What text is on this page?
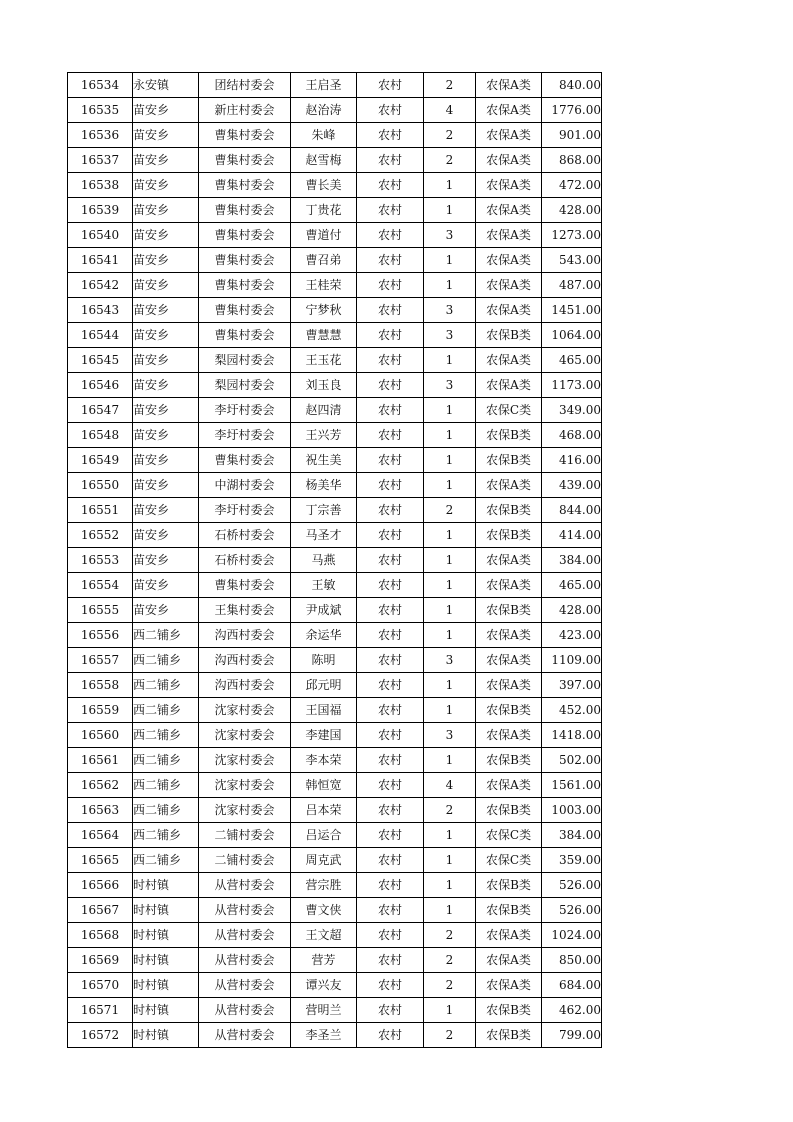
16534	永安镇	团结村委会	王启圣	农村	2	农保A类	840.00
16535	苗安乡	新庄村委会	赵治涛	农村	4	农保A类	1776.00
16536	苗安乡	曹集村委会	朱峰	农村	2	农保A类	901.00
16537	苗安乡	曹集村委会	赵雪梅	农村	2	农保A类	868.00
16538	苗安乡	曹集村委会	曹长美	农村	1	农保A类	472.00
16539	苗安乡	曹集村委会	丁贵花	农村	1	农保A类	428.00
16540	苗安乡	曹集村委会	曹道付	农村	3	农保A类	1273.00
16541	苗安乡	曹集村委会	曹召弟	农村	1	农保A类	543.00
16542	苗安乡	曹集村委会	王桂荣	农村	1	农保A类	487.00
16543	苗安乡	曹集村委会	宁梦秋	农村	3	农保A类	1451.00
16544	苗安乡	曹集村委会	曹慧慧	农村	3	农保B类	1064.00
16545	苗安乡	梨园村委会	王玉花	农村	1	农保A类	465.00
16546	苗安乡	梨园村委会	刘玉良	农村	3	农保A类	1173.00
16547	苗安乡	李圩村委会	赵四清	农村	1	农保C类	349.00
16548	苗安乡	李圩村委会	王兴芳	农村	1	农保B类	468.00
16549	苗安乡	曹集村委会	祝生美	农村	1	农保B类	416.00
16550	苗安乡	中湖村委会	杨美华	农村	1	农保A类	439.00
16551	苗安乡	李圩村委会	丁宗善	农村	2	农保B类	844.00
16552	苗安乡	石桥村委会	马圣才	农村	1	农保B类	414.00
16553	苗安乡	石桥村委会	马燕	农村	1	农保A类	384.00
16554	苗安乡	曹集村委会	王敏	农村	1	农保A类	465.00
16555	苗安乡	王集村委会	尹成斌	农村	1	农保B类	428.00
16556	西二铺乡	沟西村委会	余运华	农村	1	农保A类	423.00
16557	西二铺乡	沟西村委会	陈明	农村	3	农保A类	1109.00
16558	西二铺乡	沟西村委会	邱元明	农村	1	农保A类	397.00
16559	西二铺乡	沈家村委会	王国福	农村	1	农保B类	452.00
16560	西二铺乡	沈家村委会	李建国	农村	3	农保A类	1418.00
16561	西二铺乡	沈家村委会	李本荣	农村	1	农保B类	502.00
16562	西二铺乡	沈家村委会	韩恒宽	农村	4	农保A类	1561.00
16563	西二铺乡	沈家村委会	吕本荣	农村	2	农保B类	1003.00
16564	西二铺乡	二铺村委会	吕运合	农村	1	农保C类	384.00
16565	西二铺乡	二铺村委会	周克武	农村	1	农保C类	359.00
16566	时村镇	从营村委会	营宗胜	农村	1	农保B类	526.00
16567	时村镇	从营村委会	曹文侠	农村	1	农保B类	526.00
16568	时村镇	从营村委会	王文超	农村	2	农保A类	1024.00
16569	时村镇	从营村委会	营芳	农村	2	农保A类	850.00
16570	时村镇	从营村委会	谭兴友	农村	2	农保A类	684.00
16571	时村镇	从营村委会	营明兰	农村	1	农保B类	462.00
16572	时村镇	从营村委会	李圣兰	农村	2	农保B类	799.00
